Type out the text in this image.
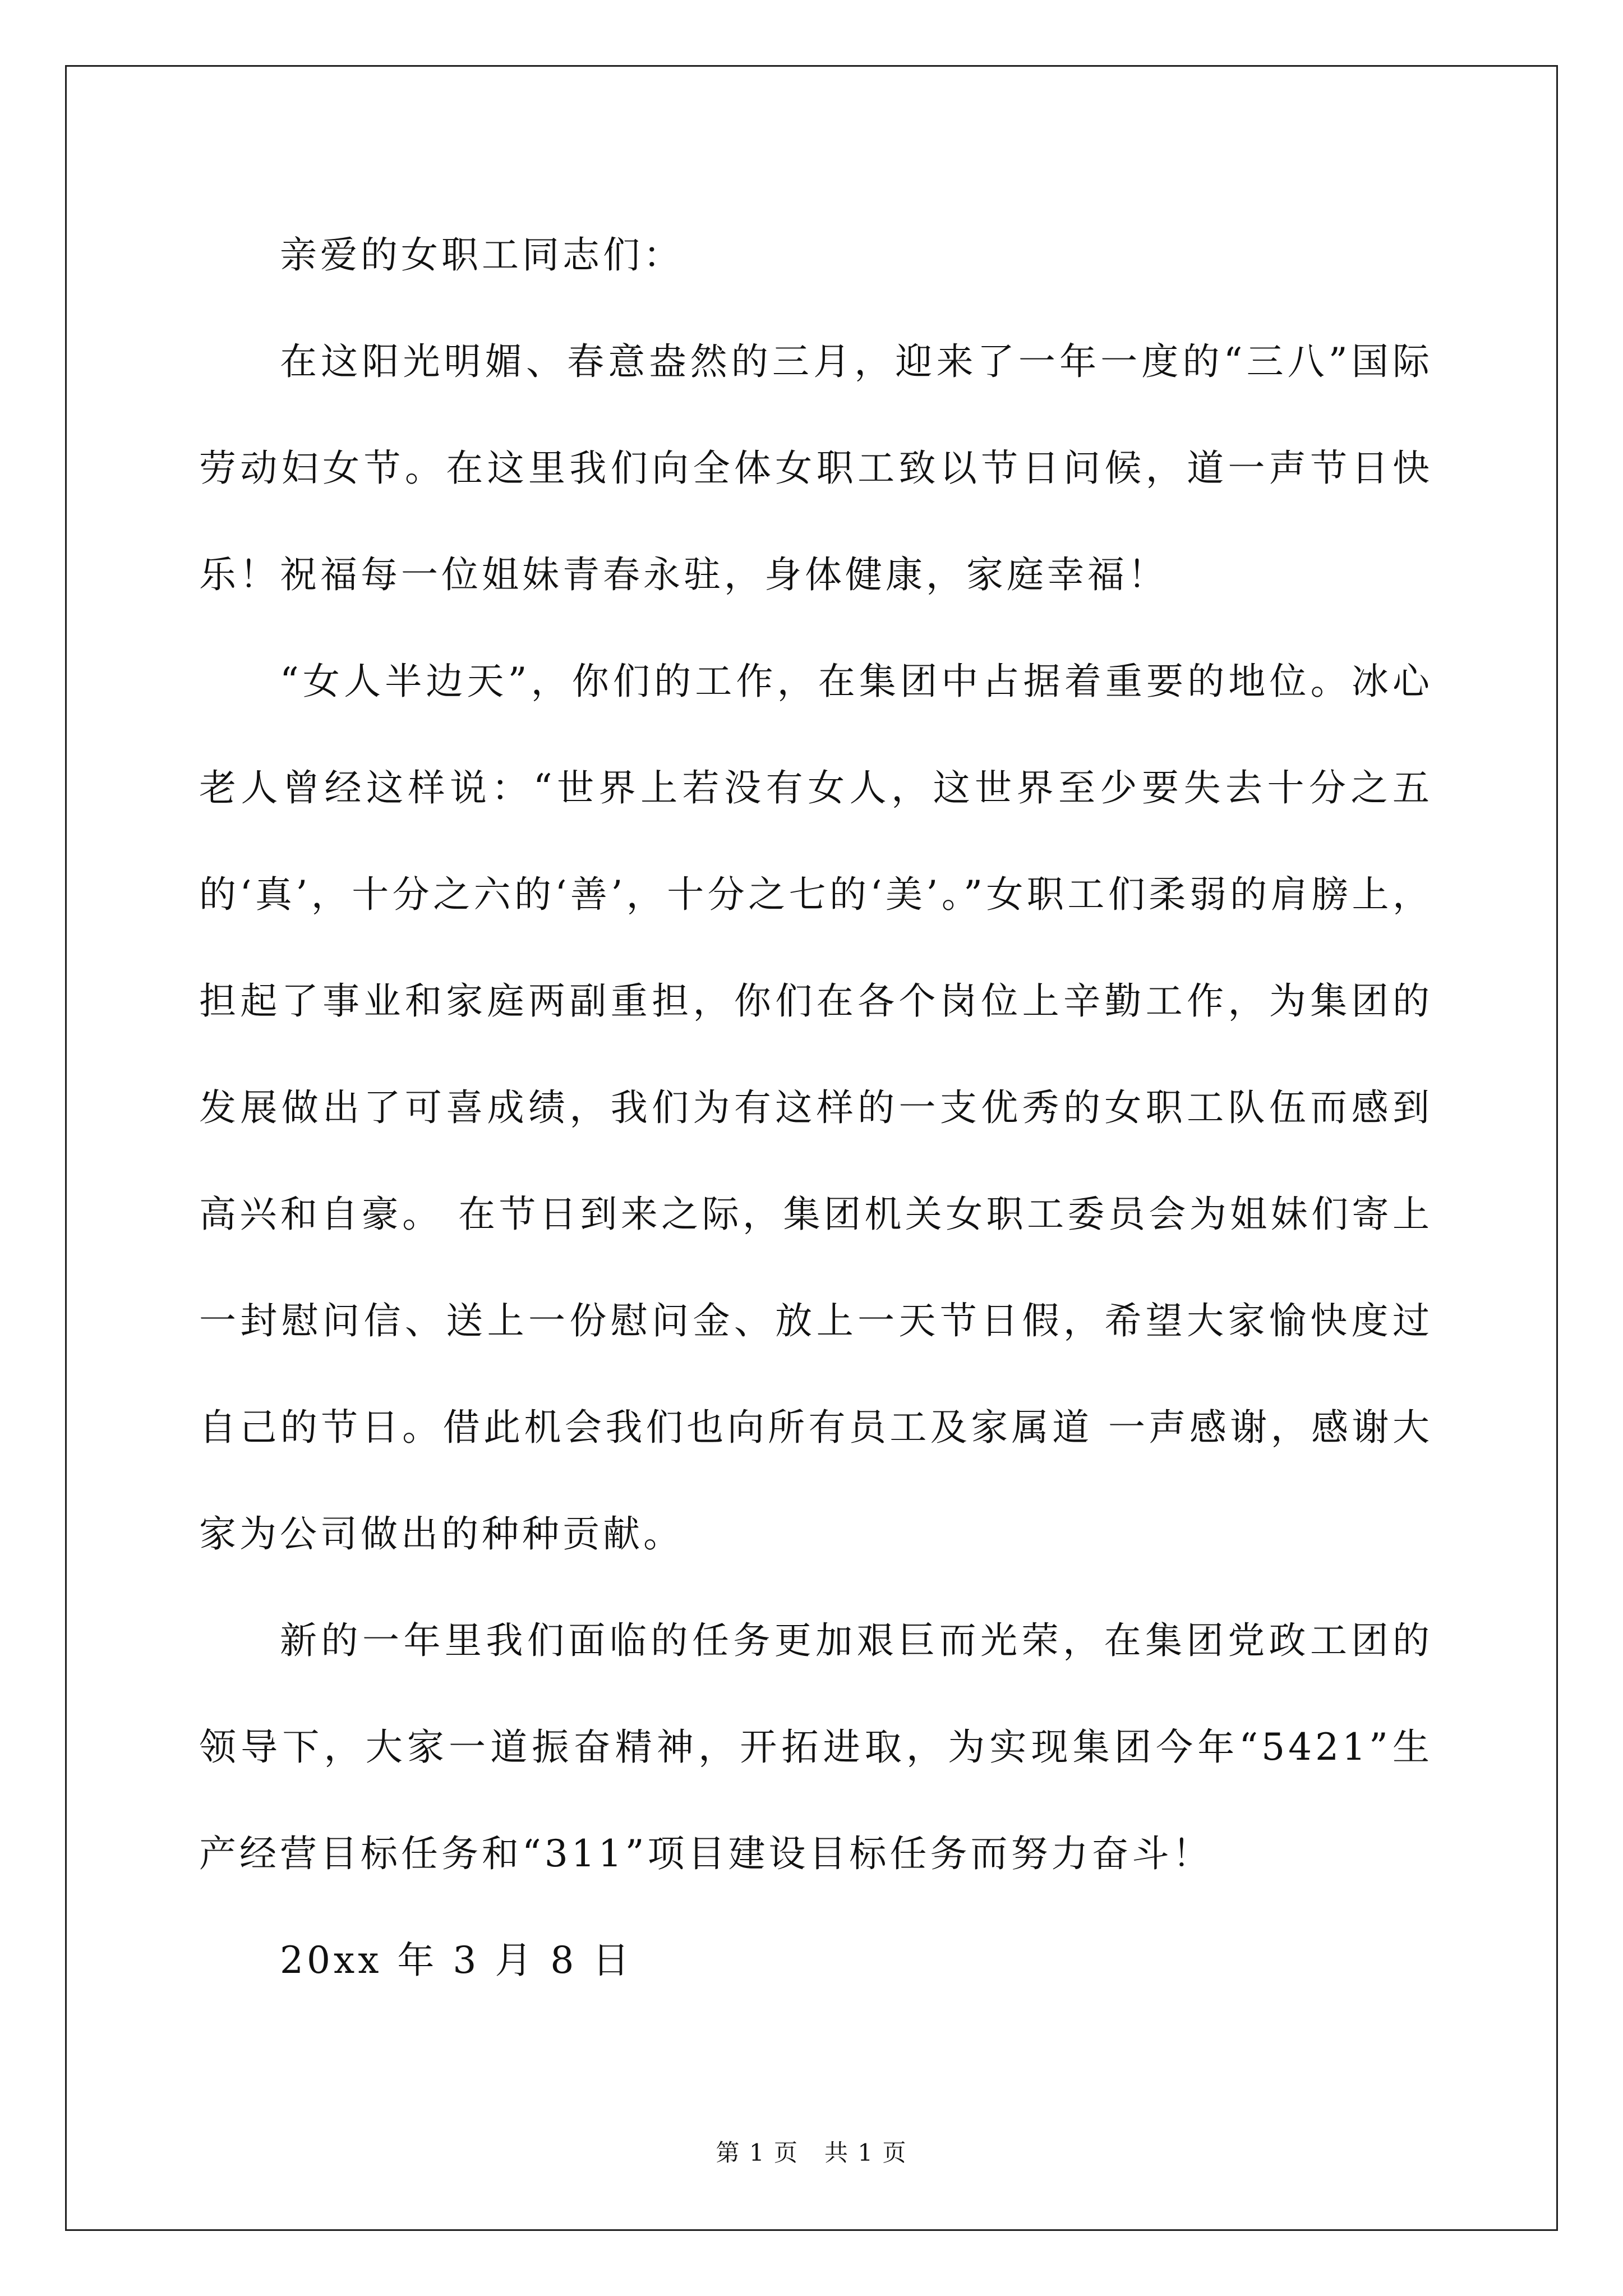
亲爱的女职工同志们：

在这阳光明媚、春意盎然的三月，迎来了一年一度的“三八”国际劳动妇女节。在这里我们向全体女职工致以节日问候，道一声节日快乐！祝福每一位姐妹青春永驻，身体健康，家庭幸福！

“女人半边天”，你们的工作，在集团中占据着重要的地位。冰心老人曾经这样说：“世界上若没有女人，这世界至少要失去十分之五的‘真’，十分之六的‘善’，十分之七的‘美’。”女职工们柔弱的肩膀上，担起了事业和家庭两副重担，你们在各个岗位上辛勤工作，为集团的发展做出了可喜成绩，我们为有这样的一支优秀的女职工队伍而感到高兴和自豪。 在节日到来之际，集团机关女职工委员会为姐妹们寄上一封慰问信、送上一份慰问金、放上一天节日假，希望大家愉快度过自己的节日。借此机会我们也向所有员工及家属道 一声感谢，感谢大家为公司做出的种种贡献。

新的一年里我们面临的任务更加艰巨而光荣，在集团党政工团的领导下，大家一道振奋精神，开拓进取，为实现集团今年“5421”生产经营目标任务和“311”项目建设目标任务而努力奋斗！

20xx 年 3 月 8 日

第 1 页 共 1 页
